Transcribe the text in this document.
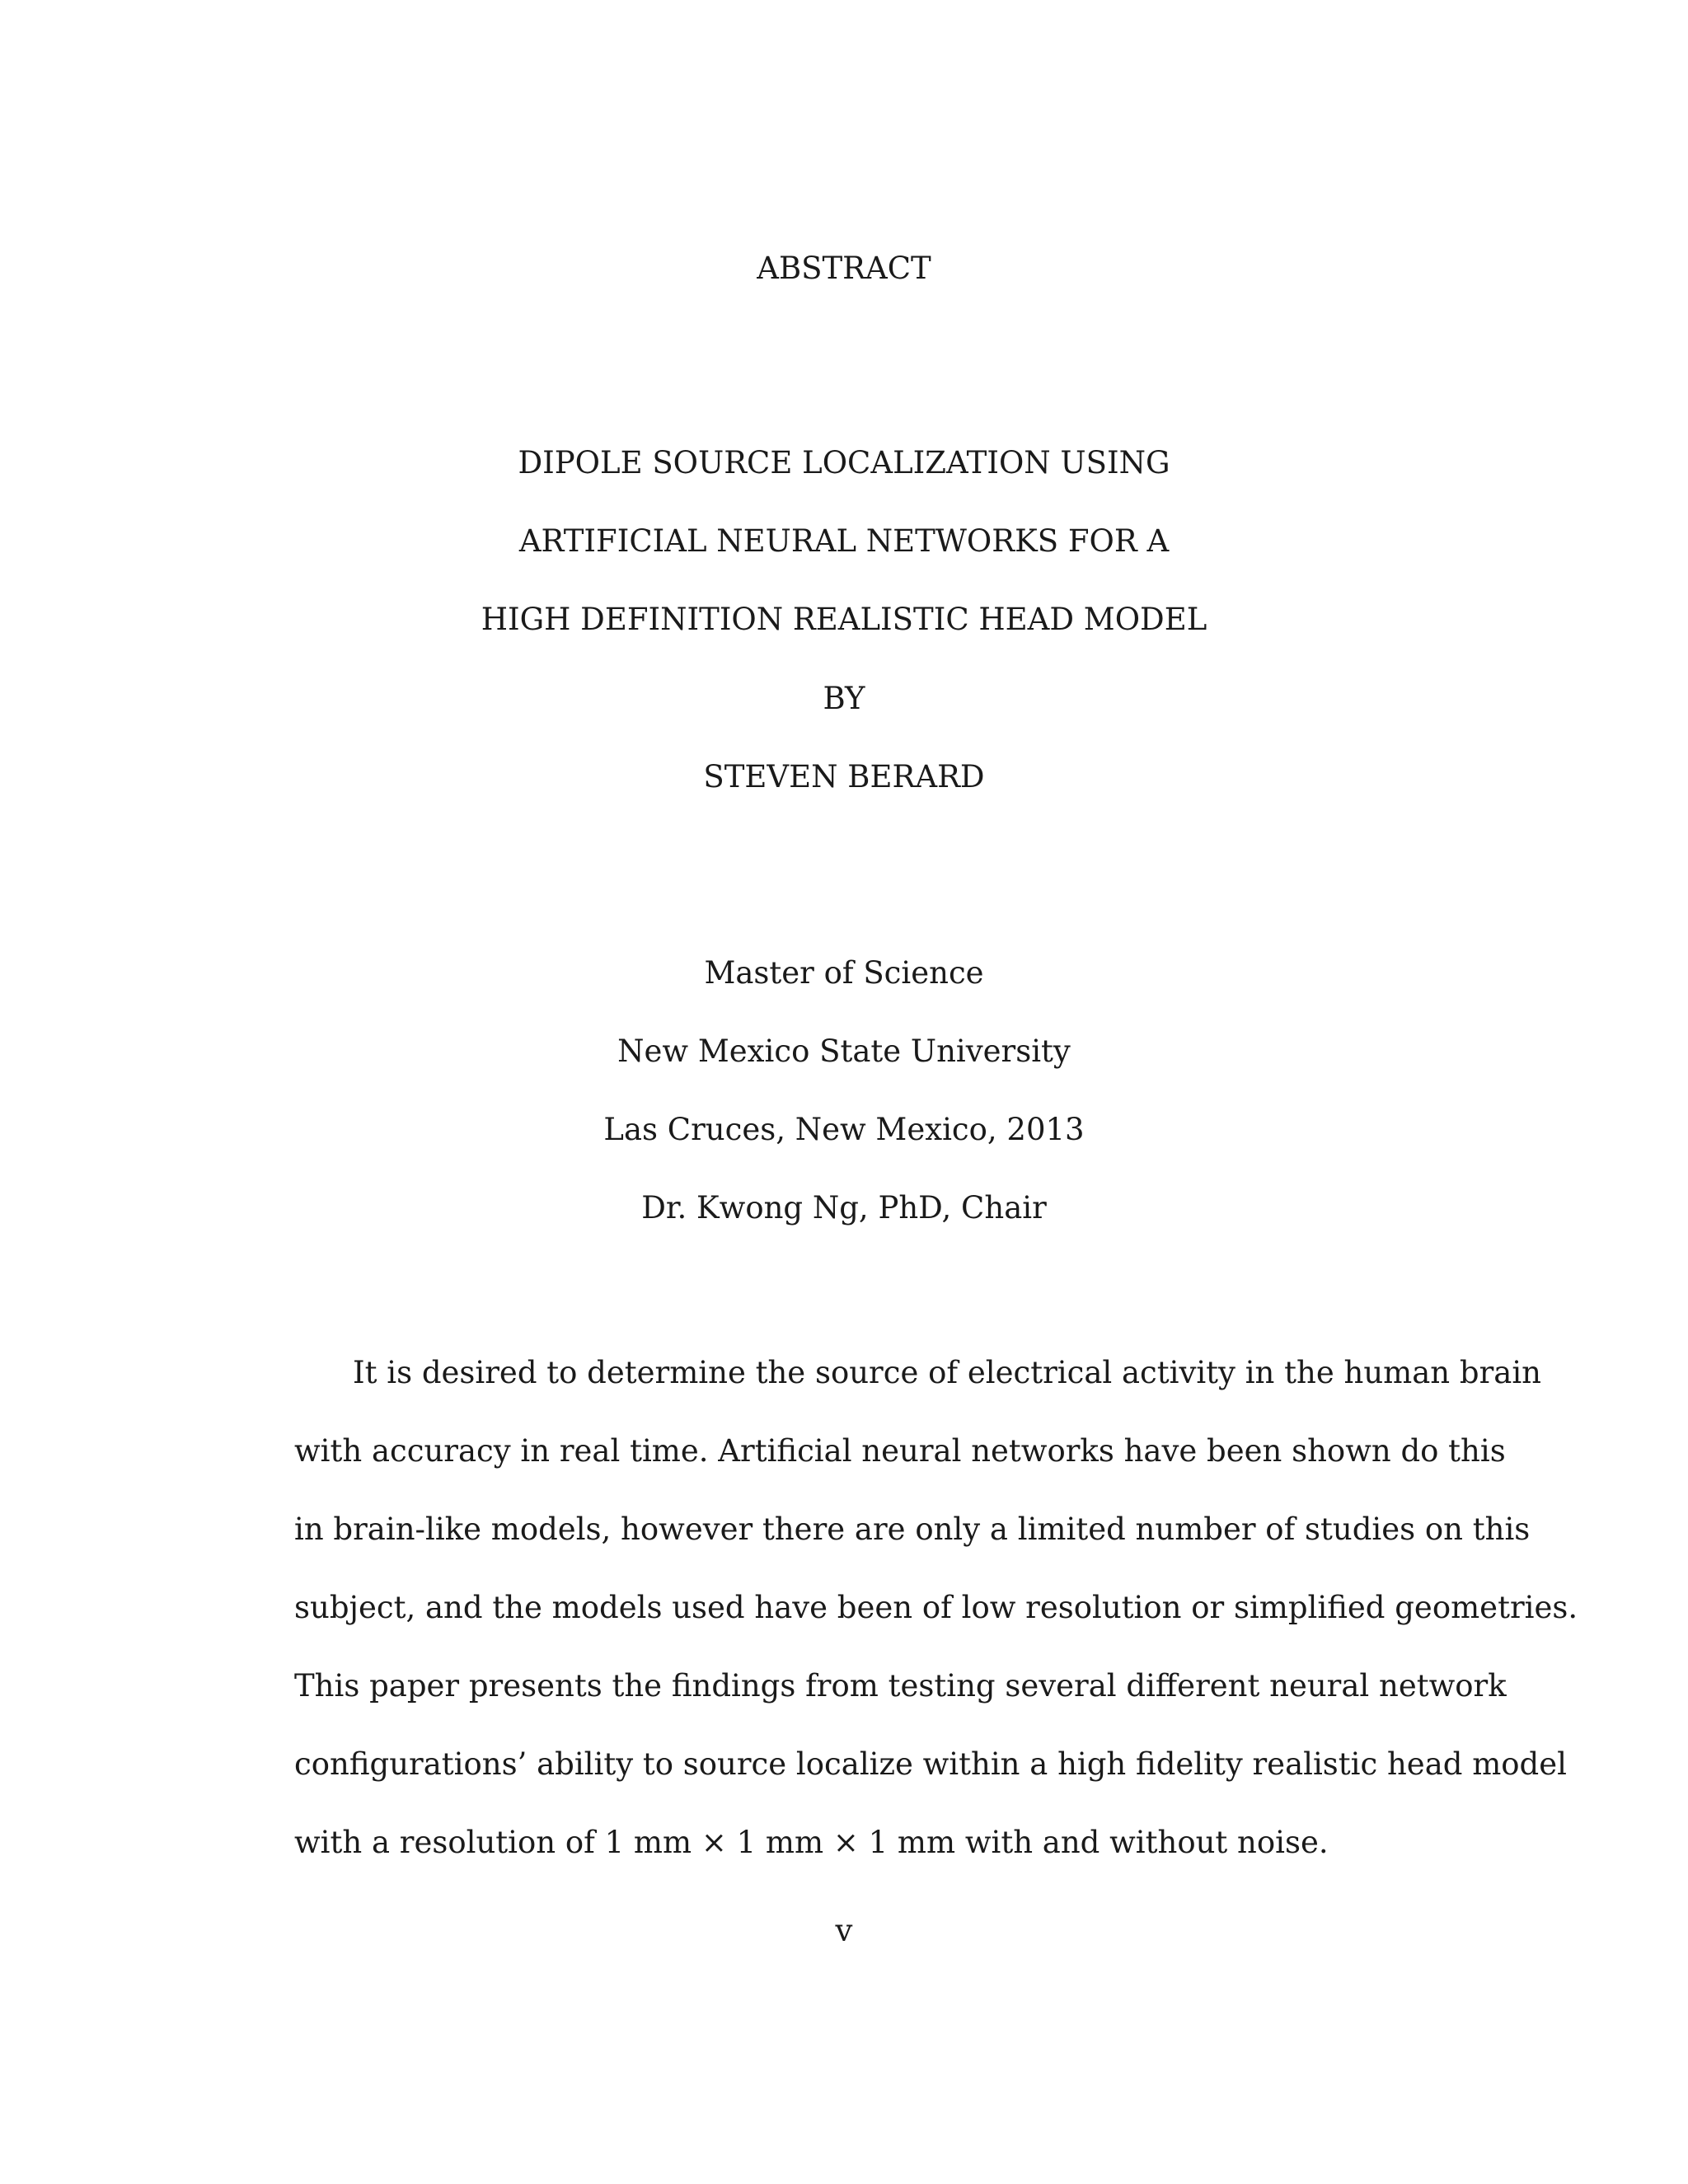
ABSTRACT
DIPOLE SOURCE LOCALIZATION USING
ARTIFICIAL NEURAL NETWORKS FOR A
HIGH DEFINITION REALISTIC HEAD MODEL
BY
STEVEN BERARD
Master of Science
New Mexico State University
Las Cruces, New Mexico, 2013
Dr. Kwong Ng, PhD, Chair
It is desired to determine the source of electrical activity in the human brain
with accuracy in real time. Artificial neural networks have been shown do this
in brain-like models, however there are only a limited number of studies on this
subject, and the models used have been of low resolution or simplified geometries.
This paper presents the findings from testing several different neural network
configurations’ ability to source localize within a high fidelity realistic head model
with a resolution of 1 mm × 1 mm × 1 mm with and without noise.
v
